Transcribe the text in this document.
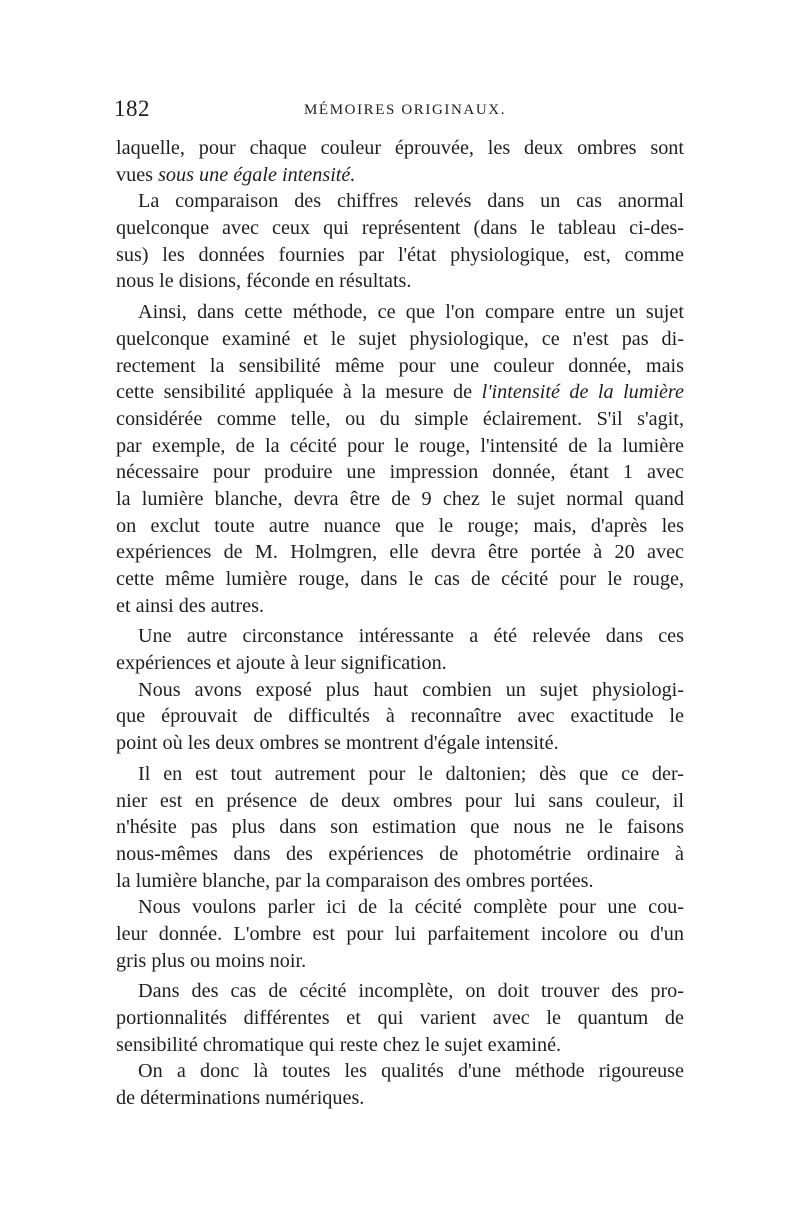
182	MÉMOIRES ORIGINAUX.
laquelle, pour chaque couleur éprouvée, les deux ombres sont
vues sous une égale intensité.
La comparaison des chiffres relevés dans un cas anormal
quelconque avec ceux qui représentent (dans le tableau ci-des-
sus) les données fournies par l'état physiologique, est, comme
nous le disions, féconde en résultats.
Ainsi, dans cette méthode, ce que l'on compare entre un sujet
quelconque examiné et le sujet physiologique, ce n'est pas di-
rectement la sensibilité même pour une couleur donnée, mais
cette sensibilité appliquée à la mesure de l'intensité de la lumière
considérée comme telle, ou du simple éclairement. S'il s'agit,
par exemple, de la cécité pour le rouge, l'intensité de la lumière
nécessaire pour produire une impression donnée, étant 1 avec
la lumière blanche, devra être de 9 chez le sujet normal quand
on exclut toute autre nuance que le rouge; mais, d'après les
expériences de M. Holmgren, elle devra être portée à 20 avec
cette même lumière rouge, dans le cas de cécité pour le rouge,
et ainsi des autres.
Une autre circonstance intéressante a été relevée dans ces
expériences et ajoute à leur signification.
Nous avons exposé plus haut combien un sujet physiologi-
que éprouvait de difficultés à reconnaître avec exactitude le
point où les deux ombres se montrent d'égale intensité.
Il en est tout autrement pour le daltonien; dès que ce der-
nier est en présence de deux ombres pour lui sans couleur, il
n'hésite pas plus dans son estimation que nous ne le faisons
nous-mêmes dans des expériences de photométrie ordinaire à
la lumière blanche, par la comparaison des ombres portées.
Nous voulons parler ici de la cécité complète pour une cou-
leur donnée. L'ombre est pour lui parfaitement incolore ou d'un
gris plus ou moins noir.
Dans des cas de cécité incomplète, on doit trouver des pro-
portionnalités différentes et qui varient avec le quantum de
sensibilité chromatique qui reste chez le sujet examiné.
On a donc là toutes les qualités d'une méthode rigoureuse
de déterminations numériques.
